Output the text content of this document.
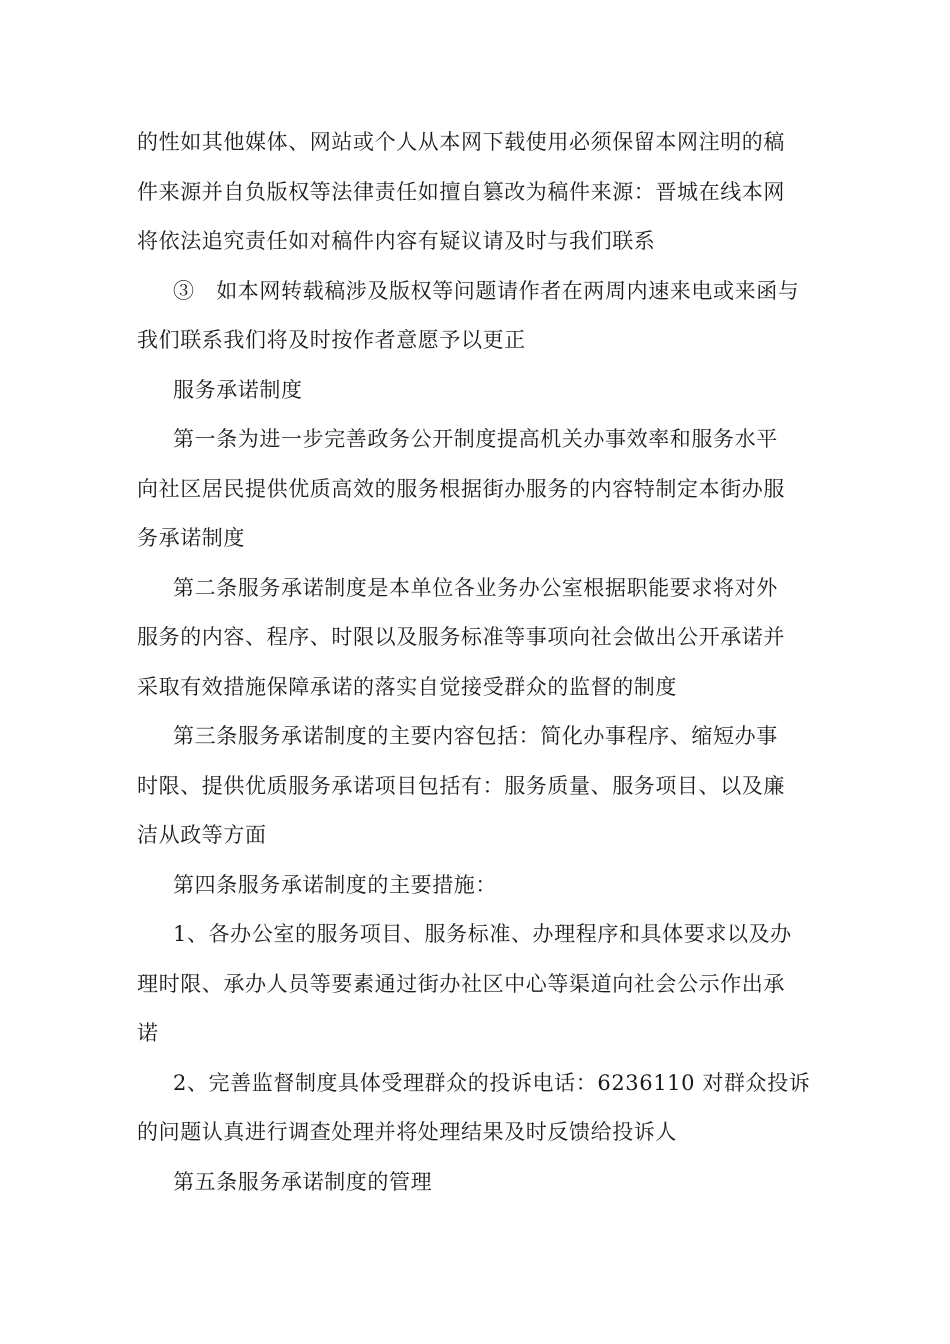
的性如其他媒体、网站或个人从本网下载使用必须保留本网注明的稿
件来源并自负版权等法律责任如擅自篡改为稿件来源：晋城在线本网
将依法追究责任如对稿件内容有疑议请及时与我们联系

③　如本网转载稿涉及版权等问题请作者在两周内速来电或来函与
我们联系我们将及时按作者意愿予以更正

服务承诺制度

第一条为进一步完善政务公开制度提高机关办事效率和服务水平
向社区居民提供优质高效的服务根据街办服务的内容特制定本街办服
务承诺制度

第二条服务承诺制度是本单位各业务办公室根据职能要求将对外
服务的内容、程序、时限以及服务标准等事项向社会做出公开承诺并
采取有效措施保障承诺的落实自觉接受群众的监督的制度

第三条服务承诺制度的主要内容包括：简化办事程序、缩短办事
时限、提供优质服务承诺项目包括有：服务质量、服务项目、以及廉
洁从政等方面

第四条服务承诺制度的主要措施：

1、各办公室的服务项目、服务标准、办理程序和具体要求以及办
理时限、承办人员等要素通过街办社区中心等渠道向社会公示作出承
诺

2、完善监督制度具体受理群众的投诉电话：6236110 对群众投诉
的问题认真进行调查处理并将处理结果及时反馈给投诉人

第五条服务承诺制度的管理
